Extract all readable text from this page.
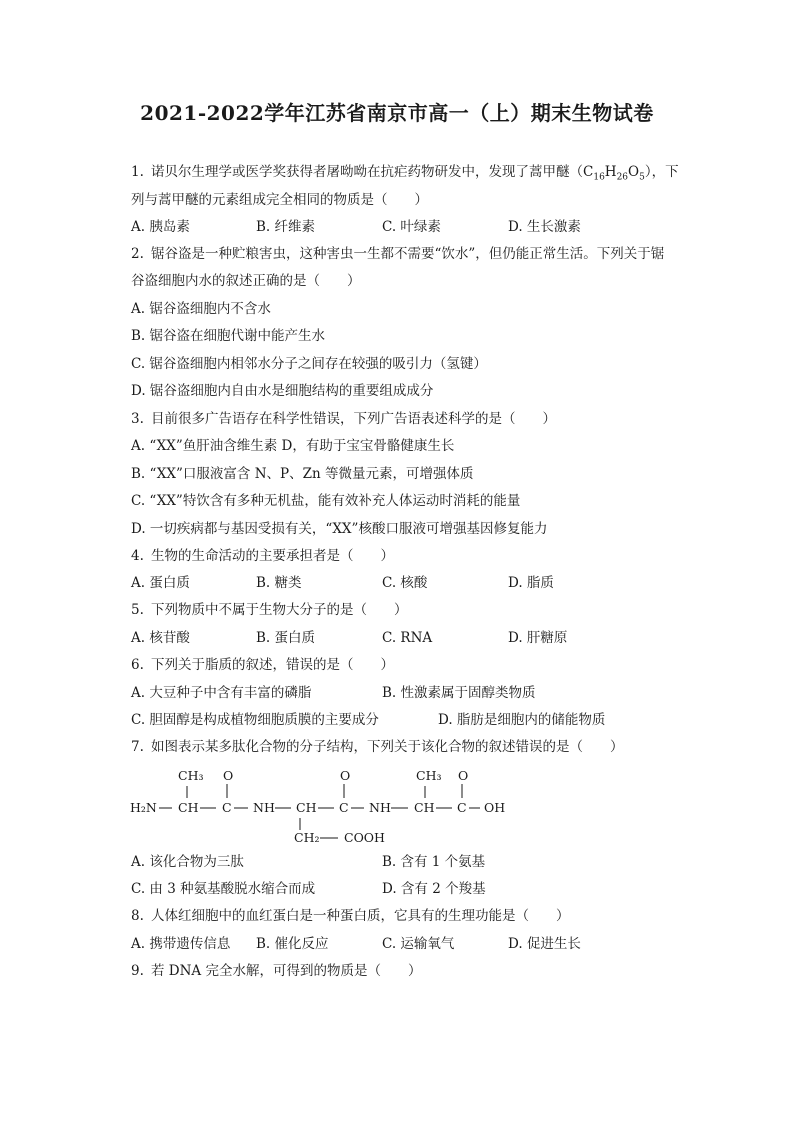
2021-2022学年江苏省南京市高一（上）期末生物试卷
1. 诺贝尔生理学或医学奖获得者屠呦呦在抗疟药物研发中，发现了蒿甲醚$(C_{16}H_{26}O_5)$，下
列与蒿甲醚的元素组成完全相同的物质是（　　）
A. 胰岛素	B. 纤维素	C. 叶绿素	D. 生长激素
2. 锯谷盗是一种贮粮害虫，这种害虫一生都不需要“饮水”，但仍能正常生活。下列关于锯
谷盗细胞内水的叙述正确的是（　　）
A. 锯谷盗细胞内不含水
B. 锯谷盗在细胞代谢中能产生水
C. 锯谷盗细胞内相邻水分子之间存在较强的吸引力（氢键）
D. 锯谷盗细胞内自由水是细胞结构的重要组成成分
3. 目前很多广告语存在科学性错误，下列广告语表述科学的是（　　）
A. “XX”鱼肝油含维生素 D，有助于宝宝骨骼健康生长
B. “XX”口服液富含 N、P、Zn 等微量元素，可增强体质
C. “XX”特饮含有多种无机盐，能有效补充人体运动时消耗的能量
D. 一切疾病都与基因受损有关，“XX”核酸口服液可增强基因修复能力
4. 生物的生命活动的主要承担者是（　　）
A. 蛋白质	B. 糖类	C. 核酸	D. 脂质
5. 下列物质中不属于生物大分子的是（　　）
A. 核苷酸	B. 蛋白质	C. RNA	D. 肝糖原
6. 下列关于脂质的叙述，错误的是（　　）
A. 大豆种子中含有丰富的磷脂	B. 性激素属于固醇类物质
C. 胆固醇是构成植物细胞质膜的主要成分	D. 脂肪是细胞内的储能物质
7. 如图表示某多肽化合物的分子结构，下列关于该化合物的叙述错误的是（　　）
CH₃ O	O	CH₃ O
H₂N CH C NH CH C NH CH C OH
CH₂ COOH
A. 该化合物为三肽	B. 含有 1 个氨基
C. 由 3 种氨基酸脱水缩合而成	D. 含有 2 个羧基
8. 人体红细胞中的血红蛋白是一种蛋白质，它具有的生理功能是（　　）
A. 携带遗传信息 B. 催化反应	C. 运输氧气	D. 促进生长
9. 若 DNA 完全水解，可得到的物质是（　　）
